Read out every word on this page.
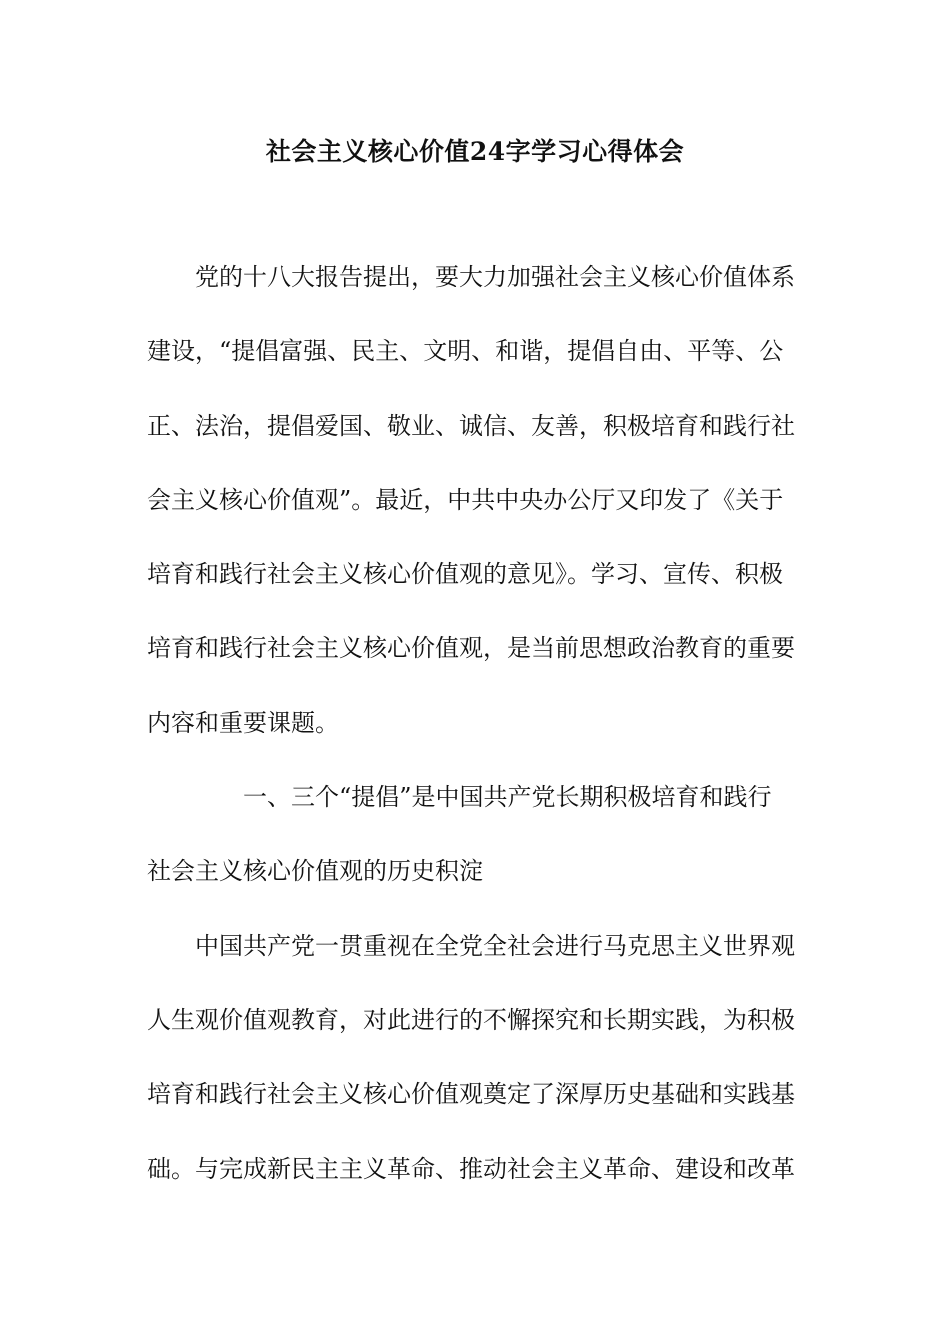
社会主义核心价值24字学习心得体会
党的十八大报告提出，要大力加强社会主义核心价值体系
建设，“提倡富强、民主、文明、和谐，提倡自由、平等、公
正、法治，提倡爱国、敬业、诚信、友善，积极培育和践行社
会主义核心价值观”。最近，中共中央办公厅又印发了《关于
培育和践行社会主义核心价值观的意见》。学习、宣传、积极
培育和践行社会主义核心价值观，是当前思想政治教育的重要
内容和重要课题。
一、三个“提倡”是中国共产党长期积极培育和践行
社会主义核心价值观的历史积淀
中国共产党一贯重视在全党全社会进行马克思主义世界观
人生观价值观教育，对此进行的不懈探究和长期实践，为积极
培育和践行社会主义核心价值观奠定了深厚历史基础和实践基
础。与完成新民主主义革命、推动社会主义革命、建设和改革
